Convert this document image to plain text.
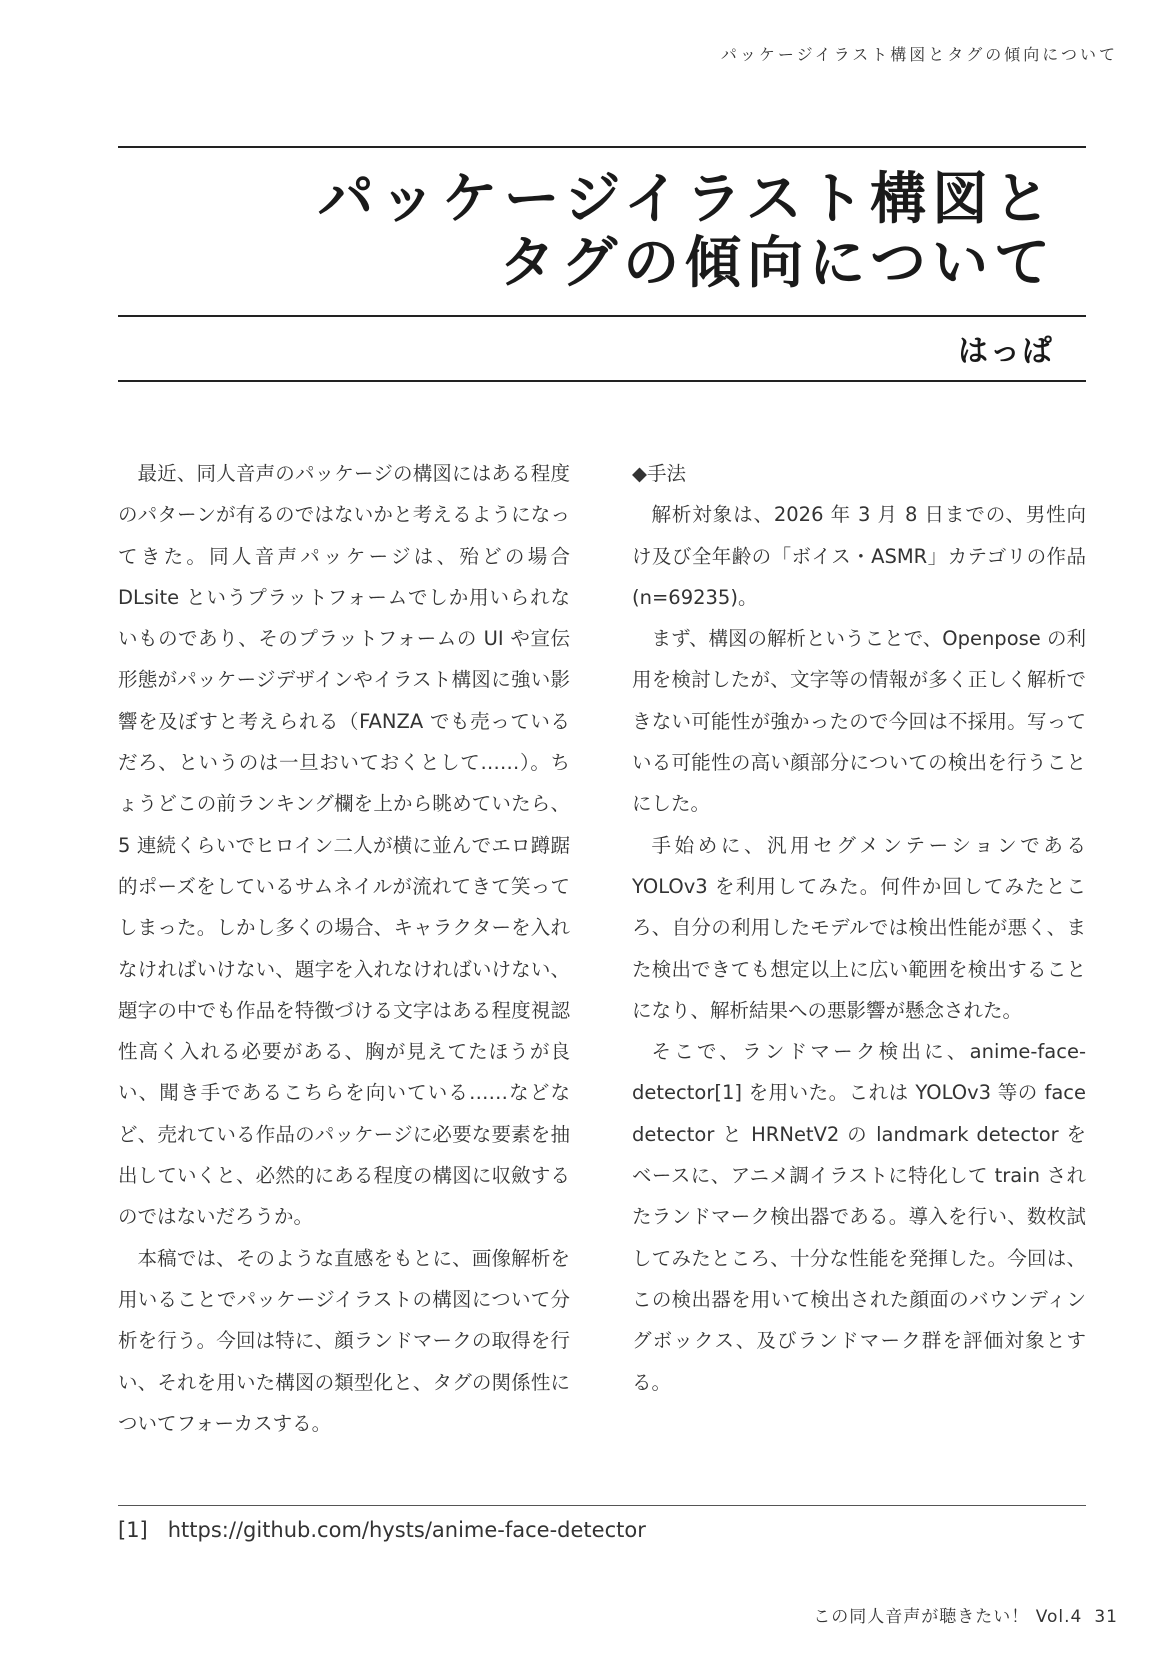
パッケージイラスト構図とタグの傾向について
パッケージイラスト構図と
タグの傾向について
はっぱ

最近、同人音声のパッケージの構図にはある程度のパターンが有るのではないかと考えるようになってきた。同人音声パッケージは、殆どの場合 DLsite というプラットフォームでしか用いられないものであり、そのプラットフォームの UI や宣伝形態がパッケージデザインやイラスト構図に強い影響を及ぼすと考えられる（FANZA でも売っているだろ、というのは一旦おいておくとして……）。ちょうどこの前ランキング欄を上から眺めていたら、5 連続くらいでヒロイン二人が横に並んでエロ蹲踞的ポーズをしているサムネイルが流れてきて笑ってしまった。しかし多くの場合、キャラクターを入れなければいけない、題字を入れなければいけない、題字の中でも作品を特徴づける文字はある程度視認性高く入れる必要がある、胸が見えてたほうが良い、聞き手であるこちらを向いている……などなど、売れている作品のパッケージに必要な要素を抽出していくと、必然的にある程度の構図に収斂するのではないだろうか。

本稿では、そのような直感をもとに、画像解析を用いることでパッケージイラストの構図について分析を行う。今回は特に、顔ランドマークの取得を行い、それを用いた構図の類型化と、タグの関係性についてフォーカスする。

◆手法

解析対象は、2026 年 3 月 8 日までの、男性向け及び全年齢の「ボイス・ASMR」カテゴリの作品 (n=69235)。

まず、構図の解析ということで、Openpose の利用を検討したが、文字等の情報が多く正しく解析できない可能性が強かったので今回は不採用。写っている可能性の高い顔部分についての検出を行うことにした。

手始めに、汎用セグメンテーションである YOLOv3 を利用してみた。何件か回してみたところ、自分の利用したモデルでは検出性能が悪く、また検出できても想定以上に広い範囲を検出することになり、解析結果への悪影響が懸念された。

そこで、ランドマーク検出に、anime-face-detector[1] を用いた。これは YOLOv3 等の face detector と HRNetV2 の landmark detector をベースに、アニメ調イラストに特化して train されたランドマーク検出器である。導入を行い、数枚試してみたところ、十分な性能を発揮した。今回は、この検出器を用いて検出された顔面のバウンディングボックス、及びランドマーク群を評価対象とする。

[1] https://github.com/hysts/anime-face-detector
この同人音声が聴きたい！ Vol.4 31
